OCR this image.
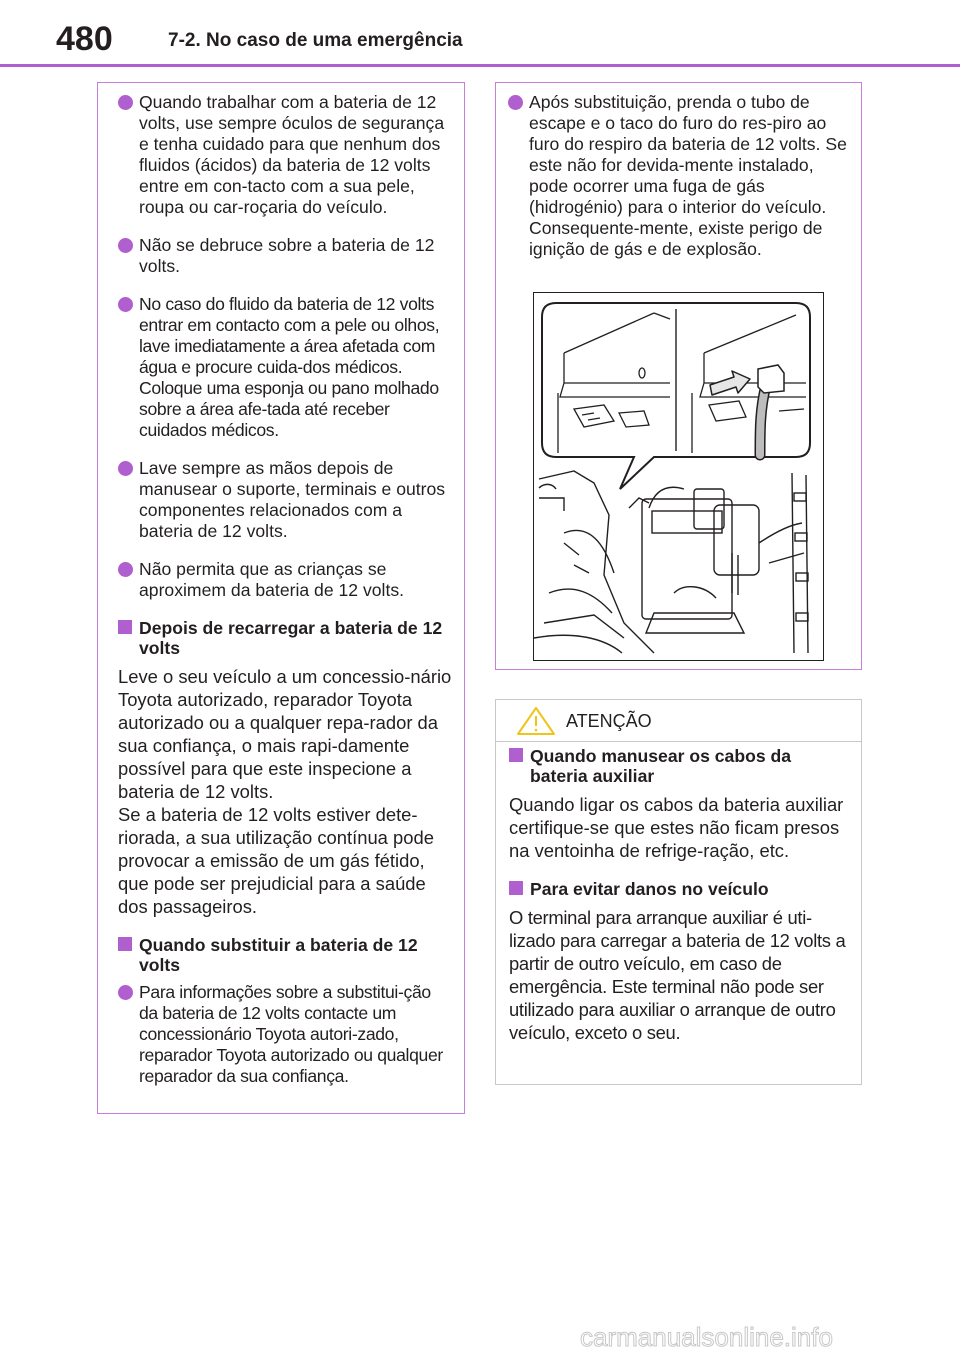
480	7-2. No caso de uma emergência
Quando trabalhar com a bateria de 12 volts, use sempre óculos de segurança e tenha cuidado para que nenhum dos fluidos (ácidos) da bateria de 12 volts entre em con-tacto com a sua pele, roupa ou car-roçaria do veículo.
Não se debruce sobre a bateria de 12 volts.
No caso do fluido da bateria de 12 volts entrar em contacto com a pele ou olhos, lave imediatamente a área afetada com água e procure cuida-dos médicos. Coloque uma esponja ou pano molhado sobre a área afe-tada até receber cuidados médicos.
Lave sempre as mãos depois de manusear o suporte, terminais e outros componentes relacionados com a bateria de 12 volts.
Não permita que as crianças se aproximem da bateria de 12 volts.
Depois de recarregar a bateria de 12 volts

Leve o seu veículo a um concessio-nário Toyota autorizado, reparador Toyota autorizado ou a qualquer repa-rador da sua confiança, o mais rapi-damente possível para que este inspecione a bateria de 12 volts.

Se a bateria de 12 volts estiver dete-riorada, a sua utilização contínua pode provocar a emissão de um gás fétido, que pode ser prejudicial para a saúde dos passageiros.

Quando substituir a bateria de 12 volts
Para informações sobre a substitui-ção da bateria de 12 volts contacte um concessionário Toyota autori-zado, reparador Toyota autorizado ou qualquer reparador da sua confiança.
Após substituição, prenda o tubo de escape e o taco do furo do res-piro ao furo do respiro da bateria de 12 volts. Se este não for devida-mente instalado, pode ocorrer uma fuga de gás (hidrogénio) para o interior do veículo. Consequente-mente, existe perigo de ignição de gás e de explosão.
ATENÇÃO
Quando manusear os cabos da bateria auxiliar

Quando ligar os cabos da bateria auxiliar certifique-se que estes não ficam presos na ventoinha de refrige-ração, etc.

Para evitar danos no veículo

O terminal para arranque auxiliar é uti-lizado para carregar a bateria de 12 volts a partir de outro veículo, em caso de emergência. Este terminal não pode ser utilizado para auxiliar o arranque de outro veículo, exceto o seu.

carmanualsonline.info
